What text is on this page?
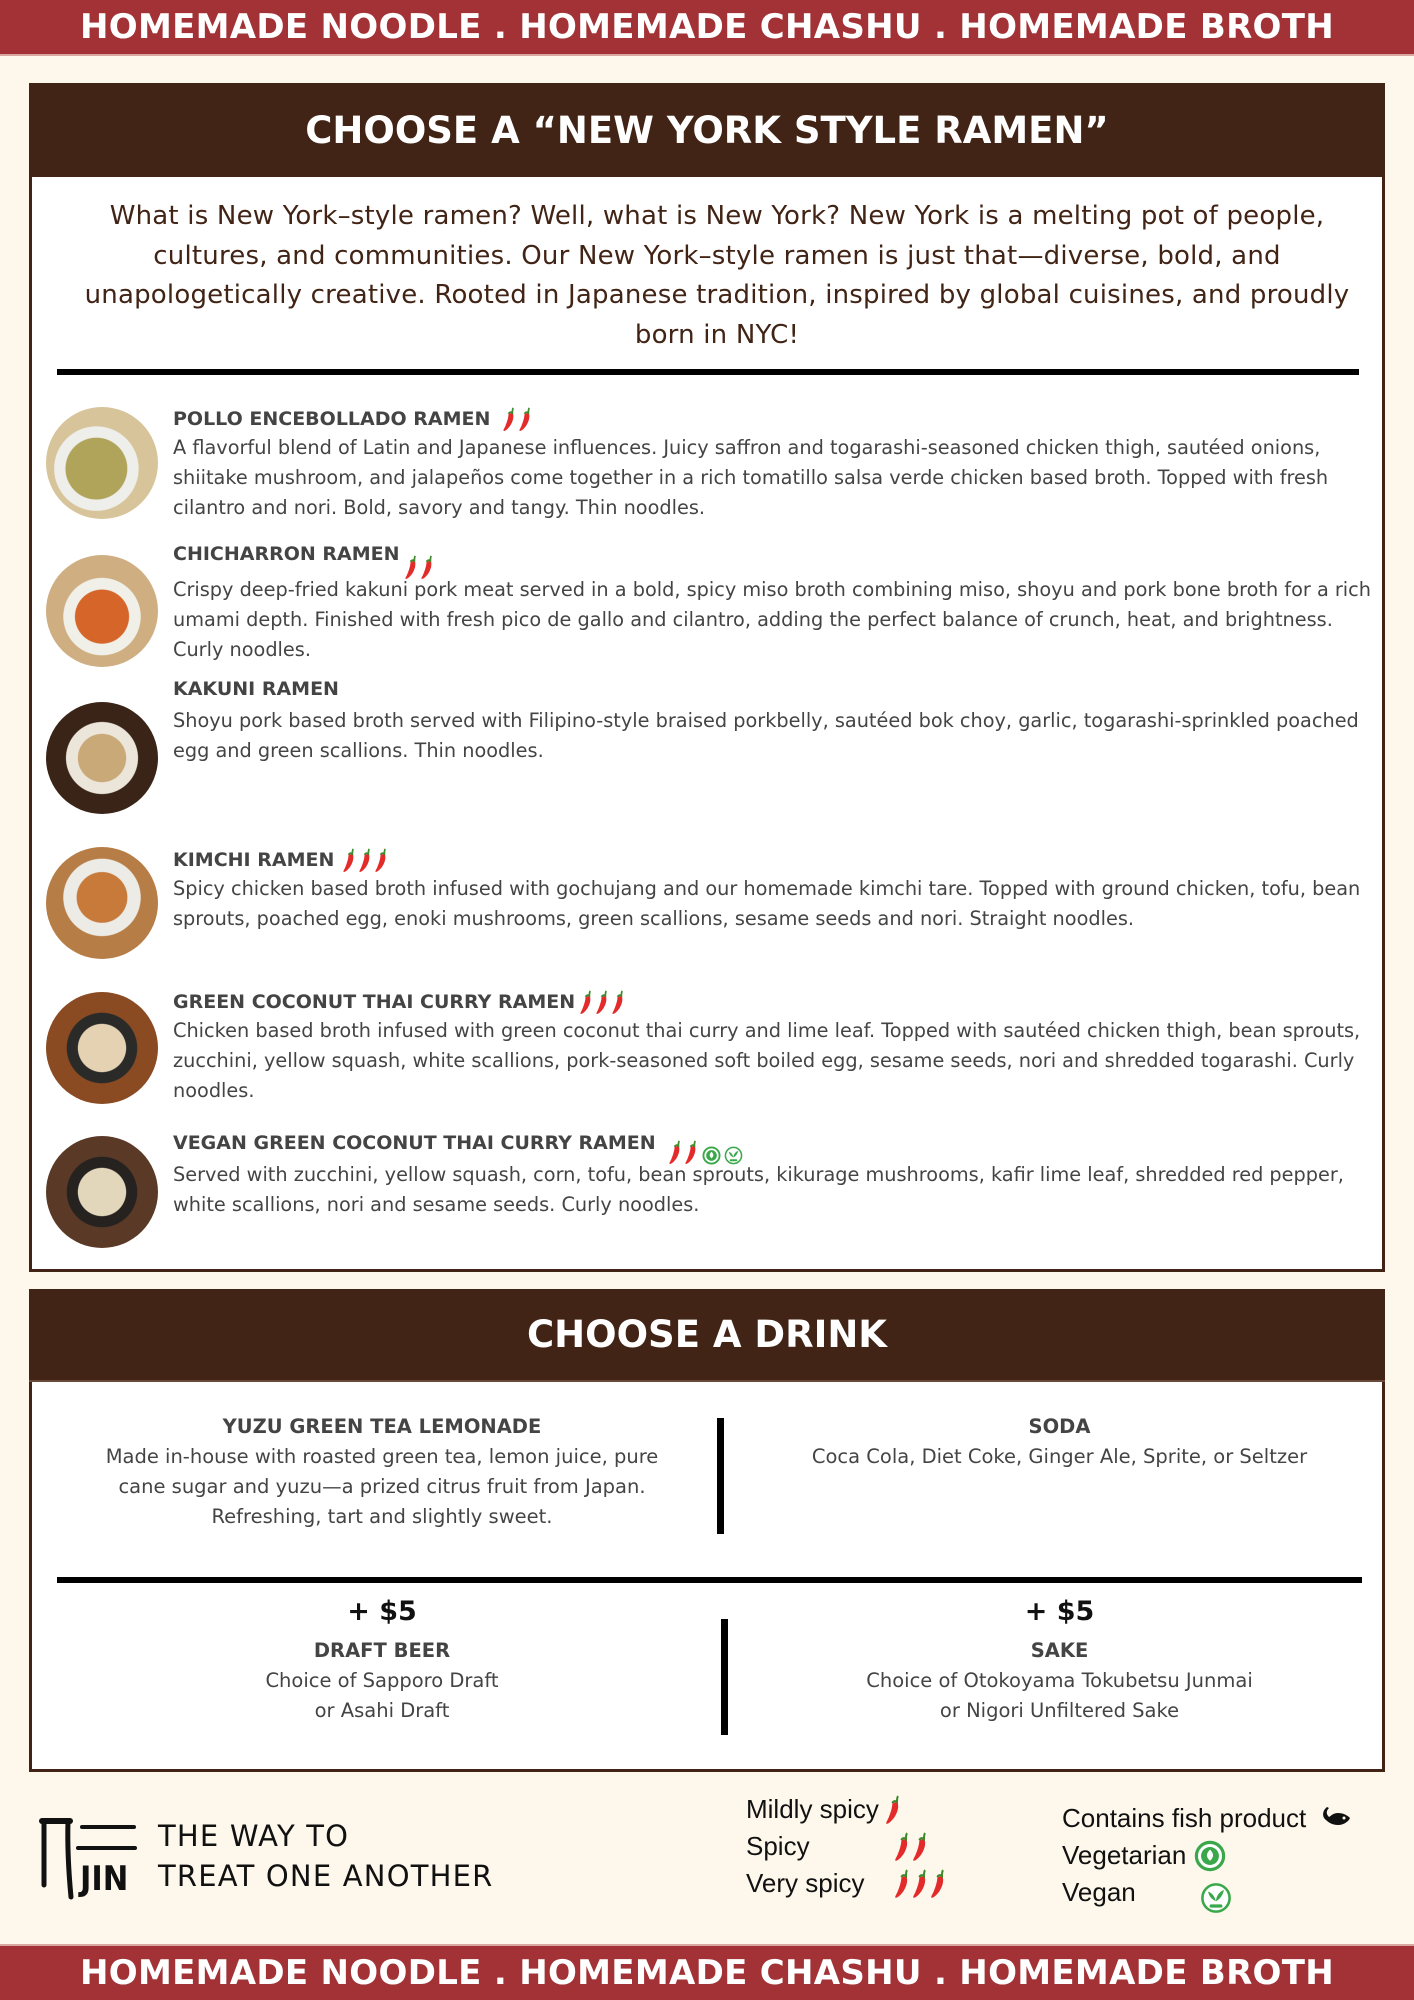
HOMEMADE NOODLE . HOMEMADE CHASHU . HOMEMADE BROTH
CHOOSE A “NEW YORK STYLE RAMEN”

What is New York–style ramen? Well, what is New York? New York is a melting pot of people, cultures, and communities. Our New York–style ramen is just that—diverse, bold, and unapologetically creative. Rooted in Japanese tradition, inspired by global cuisines, and proudly born in NYC!

POLLO ENCEBOLLADO RAMEN
A flavorful blend of Latin and Japanese influences. Juicy saffron and togarashi-seasoned chicken thigh, sautéed onions, shiitake mushroom, and jalapeños come together in a rich tomatillo salsa verde chicken based broth. Topped with fresh cilantro and nori. Bold, savory and tangy. Thin noodles.
CHICHARRON RAMEN
Crispy deep-fried kakuni pork meat served in a bold, spicy miso broth combining miso, shoyu and pork bone broth for a rich umami depth. Finished with fresh pico de gallo and cilantro, adding the perfect balance of crunch, heat, and brightness. Curly noodles.
KAKUNI RAMEN
Shoyu pork based broth served with Filipino-style braised porkbelly, sautéed bok choy, garlic, togarashi-sprinkled poached egg and green scallions. Thin noodles.
KIMCHI RAMEN
Spicy chicken based broth infused with gochujang and our homemade kimchi tare. Topped with ground chicken, tofu, bean sprouts, poached egg, enoki mushrooms, green scallions, sesame seeds and nori. Straight noodles.
GREEN COCONUT THAI CURRY RAMEN
Chicken based broth infused with green coconut thai curry and lime leaf. Topped with sautéed chicken thigh, bean sprouts, zucchini, yellow squash, white scallions, pork-seasoned soft boiled egg, sesame seeds, nori and shredded togarashi. Curly noodles.
VEGAN GREEN COCONUT THAI CURRY RAMEN
Served with zucchini, yellow squash, corn, tofu, bean sprouts, kikurage mushrooms, kafir lime leaf, shredded red pepper, white scallions, nori and sesame seeds. Curly noodles.
CHOOSE A DRINK
YUZU GREEN TEA LEMONADE
Made in-house with roasted green tea, lemon juice, pure
cane sugar and yuzu—a prized citrus fruit from Japan.
Refreshing, tart and slightly sweet.
SODA
Coca Cola, Diet Coke, Ginger Ale, Sprite, or Seltzer
+ $5
DRAFT BEER
Choice of Sapporo Draft
or Asahi Draft
+ $5
SAKE
Choice of Otokoyama Tokubetsu Junmai
or Nigori Unfiltered Sake
JIN
THE WAY TO
TREAT ONE ANOTHER
Mildly spicy
Spicy
Very spicy
Contains fish product
Vegetarian
Vegan
HOMEMADE NOODLE . HOMEMADE CHASHU . HOMEMADE BROTH
